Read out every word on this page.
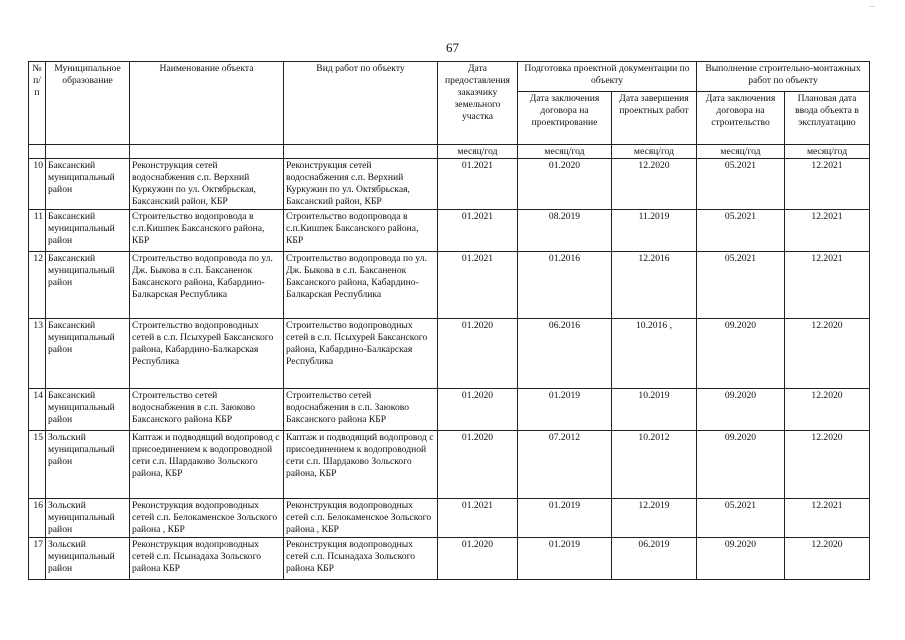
...
67
№ п/п	Муниципальное образование	Наименование объекта	Вид работ по объекту	Дата предоставления заказчику земельного участка	Подготовка проектной документации по объекту		Выполнение строительно-монтажных работ по объекту	
					Дата заключения договора на проектирование	Дата завершения проектных работ	Дата заключения договора на строительство	Плановая дата ввода объекта в эксплуатацию
				месяц/год	месяц/год	месяц/год	месяц/год	месяц/год
10	Баксанский муниципальный район	Реконструкция сетей водоснабжения с.п. Верхний Куркужин по ул. Октябрьская, Баксанский район, КБР	Реконструкция сетей водоснабжения с.п. Верхний Куркужин по ул. Октябрьская, Баксанский район, КБР	01.2021	01.2020	12.2020	05.2021	12.2021
11	Баксанский муниципальный район	Строительство водопровода в с.п.Кишпек Баксанского района, КБР	Строительство водопровода в с.п.Кишпек Баксанского района, КБР	01.2021	08.2019	11.2019	05.2021	12.2021
12	Баксанский муниципальный район	Строительство водопровода по ул. Дж. Быкова в с.п. Баксаненок Баксанского района, Кабардино-Балкарская Республика	Строительство водопровода по ул. Дж. Быкова в с.п. Баксаненок Баксанского района, Кабардино-Балкарская Республика	01.2021	01.2016	12.2016	05.2021	12.2021
13	Баксанский муниципальный район	Строительство водопроводных сетей в с.п. Псыхурей Баксанского района, Кабардино-Балкарская Республика	Строительство водопроводных сетей в с.п. Псыхурей Баксанского района, Кабардино-Балкарская Республика	01.2020	06.2016	10.2016 ,	09.2020	12.2020
14	Баксанский муниципальный район	Строительство сетей водоснабжения в с.п. Заюково Баксанского района КБР	Строительство сетей водоснабжения в с.п. Заюково Баксанского района КБР	01.2020	01.2019	10.2019	09.2020	12.2020
15	Зольский муниципальный район	Каптаж и подводящий водопровод с присоединением к водопроводной сети с.п. Шардаково Зольского района, КБР	Каптаж и подводящий водопровод с присоединением к водопроводной сети с.п. Шардаково Зольского района, КБР	01.2020	07.2012	10.2012	09.2020	12.2020
16	Зольский муниципальный район	Реконструкция водопроводных сетей с.п. Белокаменское Зольского района , КБР	Реконструкция водопроводных сетей с.п. Белокаменское Зольского района , КБР	01.2021	01.2019	12.2019	05.2021	12.2021
17	Зольский муниципальный район	Реконструкция водопроводных сетей с.п. Псынадаха Зольского района КБР	Реконструкция водопроводных сетей с.п. Псынадаха Зольского района КБР	01.2020	01.2019	06.2019	09.2020	12.2020
